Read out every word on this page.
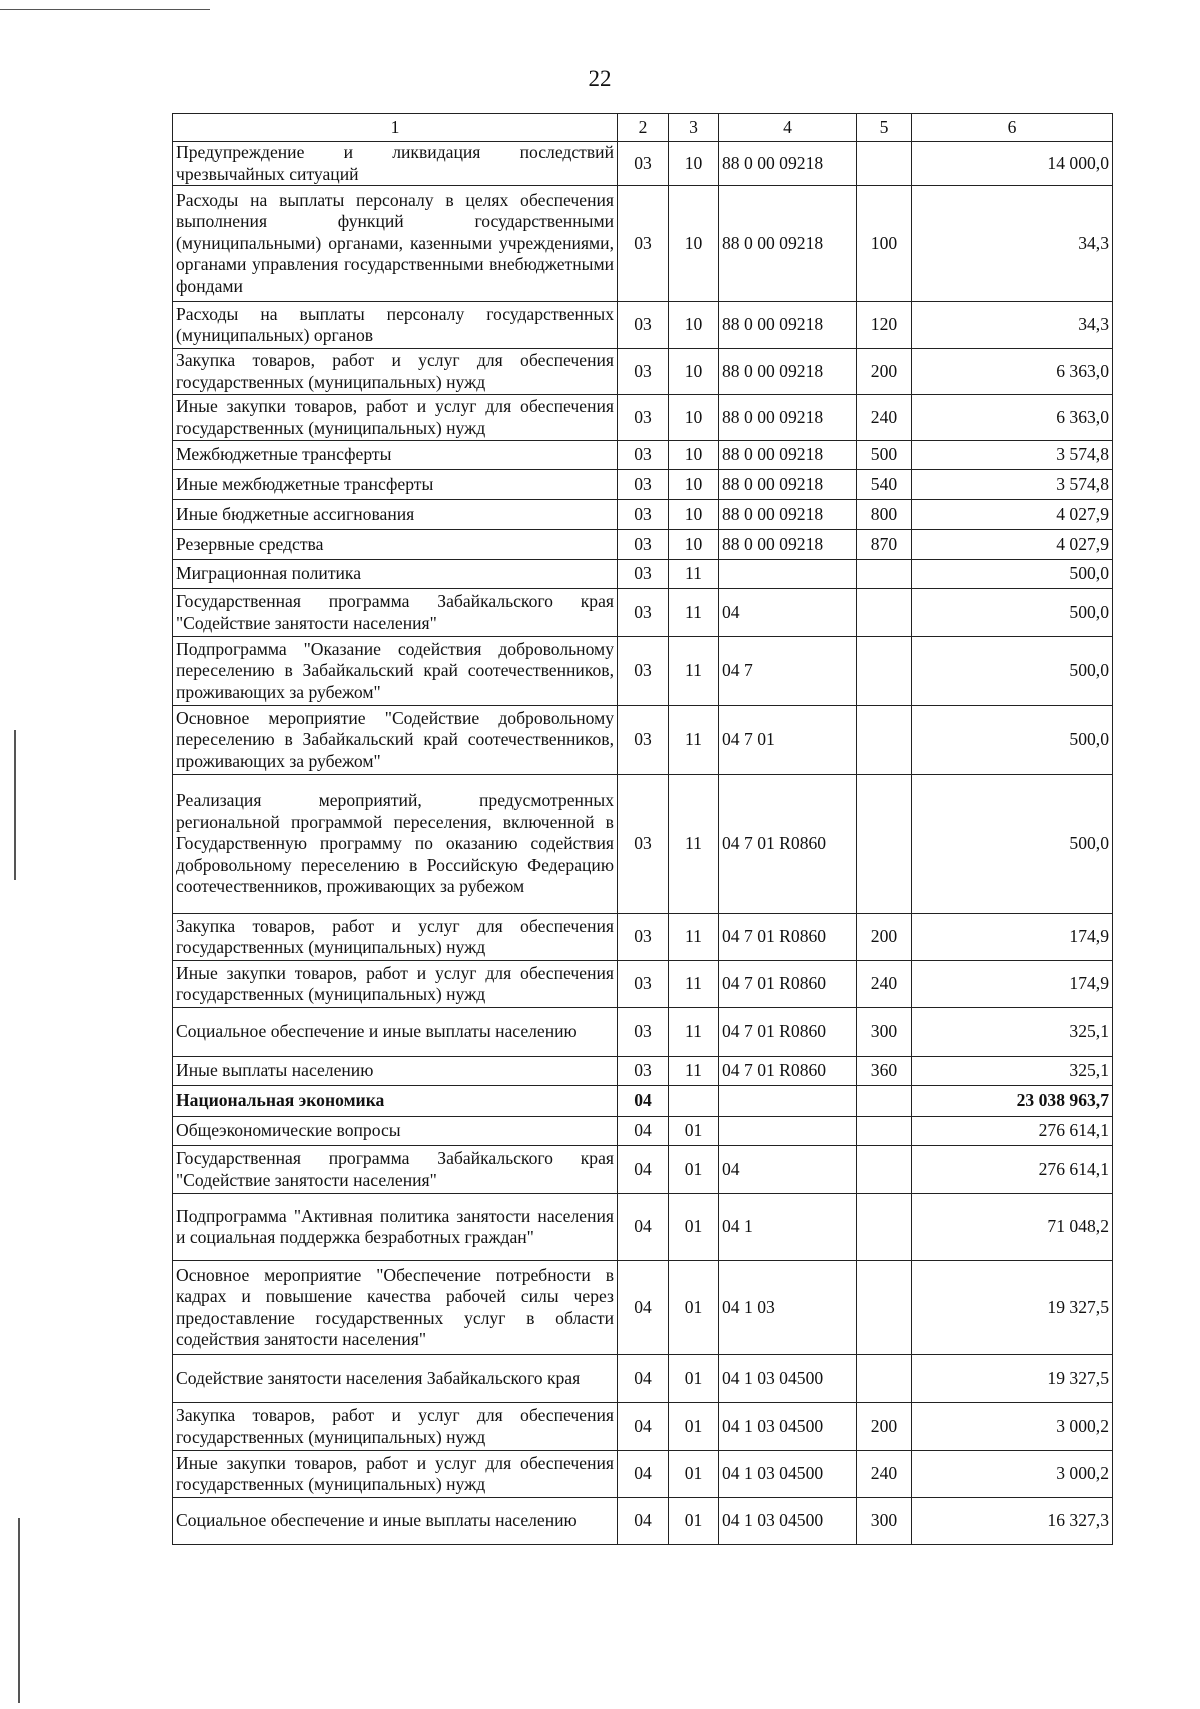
22
1	2	3	4	5	6
Предупреждение и ликвидация последствий чрезвычайных ситуаций	03	10	88 0 00 09218		14 000,0
Расходы на выплаты персоналу в целях обеспечения выполнения функций государственными (муниципальными) органами, казенными учреждениями, органами управления государственными внебюджетными фондами	03	10	88 0 00 09218	100	34,3
Расходы на выплаты персоналу государственных (муниципальных) органов	03	10	88 0 00 09218	120	34,3
Закупка товаров, работ и услуг для обеспечения государственных (муниципальных) нужд	03	10	88 0 00 09218	200	6 363,0
Иные закупки товаров, работ и услуг для обеспечения государственных (муниципальных) нужд	03	10	88 0 00 09218	240	6 363,0
Межбюджетные трансферты	03	10	88 0 00 09218	500	3 574,8
Иные межбюджетные трансферты	03	10	88 0 00 09218	540	3 574,8
Иные бюджетные ассигнования	03	10	88 0 00 09218	800	4 027,9
Резервные средства	03	10	88 0 00 09218	870	4 027,9
Миграционная политика	03	11			500,0
Государственная программа Забайкальского края "Содействие занятости населения"	03	11	04		500,0
Подпрограмма "Оказание содействия добровольному переселению в Забайкальский край соотечественников, проживающих за рубежом"	03	11	04 7		500,0
Основное мероприятие "Содействие добровольному переселению в Забайкальский край соотечественников, проживающих за рубежом"	03	11	04 7 01		500,0
Реализация мероприятий, предусмотренных региональной программой переселения, включенной в Государственную программу по оказанию содействия добровольному переселению в Российскую Федерацию соотечественников, проживающих за рубежом	03	11	04 7 01 R0860		500,0
Закупка товаров, работ и услуг для обеспечения государственных (муниципальных) нужд	03	11	04 7 01 R0860	200	174,9
Иные закупки товаров, работ и услуг для обеспечения государственных (муниципальных) нужд	03	11	04 7 01 R0860	240	174,9
Социальное обеспечение и иные выплаты населению	03	11	04 7 01 R0860	300	325,1
Иные выплаты населению	03	11	04 7 01 R0860	360	325,1
Национальная экономика	04				23 038 963,7
Общеэкономические вопросы	04	01			276 614,1
Государственная программа Забайкальского края "Содействие занятости населения"	04	01	04		276 614,1
Подпрограмма "Активная политика занятости населения и социальная поддержка безработных граждан"	04	01	04 1		71 048,2
Основное мероприятие "Обеспечение потребности в кадрах и повышение качества рабочей силы через предоставление государственных услуг в области содействия занятости населения"	04	01	04 1 03		19 327,5
Содействие занятости населения Забайкальского края	04	01	04 1 03 04500		19 327,5
Закупка товаров, работ и услуг для обеспечения государственных (муниципальных) нужд	04	01	04 1 03 04500	200	3 000,2
Иные закупки товаров, работ и услуг для обеспечения государственных (муниципальных) нужд	04	01	04 1 03 04500	240	3 000,2
Социальное обеспечение и иные выплаты населению	04	01	04 1 03 04500	300	16 327,3
